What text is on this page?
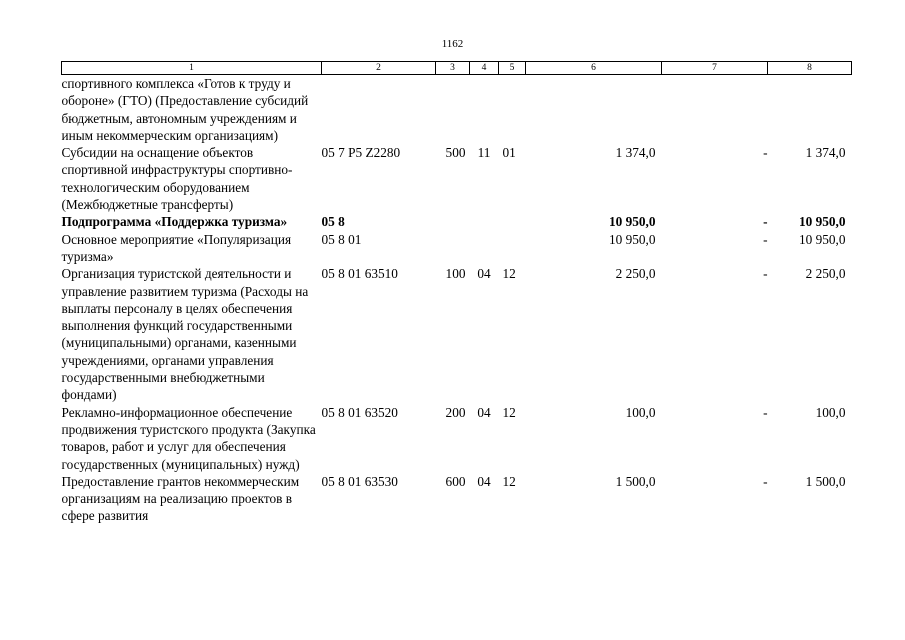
1162
1	2	3	4	5	6	7	8
спортивного комплекса «Готов к труду и обороне» (ГТО) (Предоставление субсидий бюджетным, автономным учреждениям и иным некоммерческим организациям)							
Субсидии на оснащение объектов спортивной инфраструктуры спортивно-технологическим оборудованием (Межбюджетные трансферты)	05 7 P5 Z2280	500	11	01	1 374,0	-	1 374,0
Подпрограмма «Поддержка туризма»	05 8				10 950,0	-	10 950,0
Основное мероприятие «Популяризация туризма»	05 8 01				10 950,0	-	10 950,0
Организация туристской деятельности и управление развитием туризма (Расходы на выплаты персоналу в целях обеспечения выполнения функций государственными (муниципальными) органами, казенными учреждениями, органами управления государственными внебюджетными фондами)	05 8 01 63510	100	04	12	2 250,0	-	2 250,0
Рекламно-информационное обеспечение продвижения туристского продукта (Закупка товаров, работ и услуг для обеспечения государственных (муниципальных) нужд)	05 8 01 63520	200	04	12	100,0	-	100,0
Предоставление грантов некоммерческим организациям на реализацию проектов в сфере развития	05 8 01 63530	600	04	12	1 500,0	-	1 500,0
